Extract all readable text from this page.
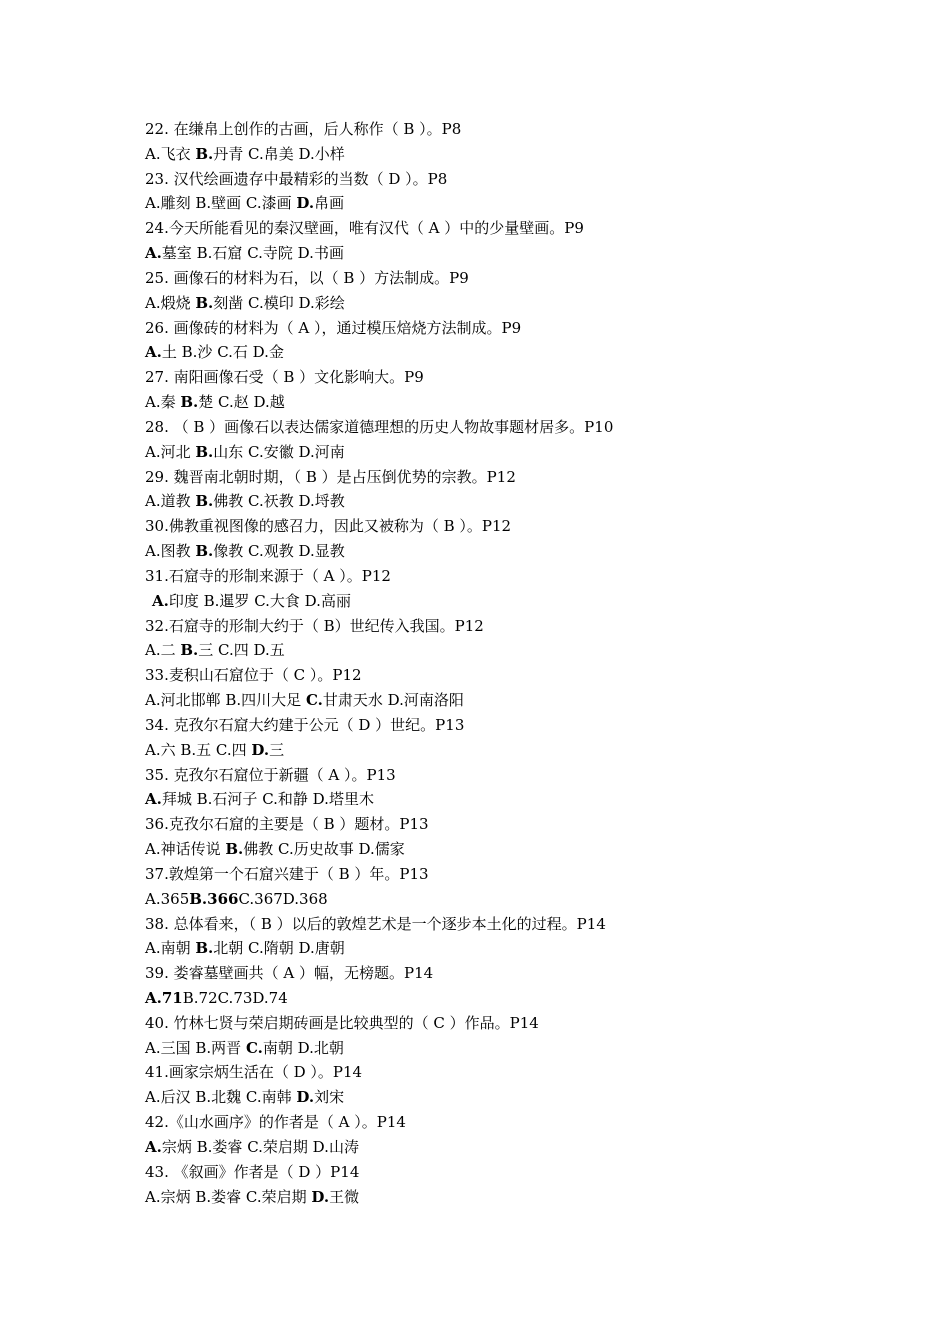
22. 在缣帛上创作的古画，后人称作（ B ）。P8
A.飞衣 B.丹青 C.帛美 D.小样
23. 汉代绘画遗存中最精彩的当数（ D ）。P8
A.雕刻 B.壁画 C.漆画 D.帛画
24.今天所能看见的秦汉壁画，唯有汉代（ A ）中的少量壁画。P9
A.墓室 B.石窟 C.寺院 D.书画
25. 画像石的材料为石，以（ B ）方法制成。P9
A.煅烧 B.刻凿 C.模印 D.彩绘
26. 画像砖的材料为（ A ），通过模压焙烧方法制成。P9
A.土 B.沙 C.石 D.金
27. 南阳画像石受（ B ）文化影响大。P9
A.秦 B.楚 C.赵 D.越
28. （ B ）画像石以表达儒家道德理想的历史人物故事题材居多。P10
A.河北 B.山东 C.安徽 D.河南
29. 魏晋南北朝时期，（ B ）是占压倒优势的宗教。P12
A.道教 B.佛教 C.祆教 D.埒教
30.佛教重视图像的感召力，因此又被称为（ B ）。P12
A.图教 B.像教 C.观教 D.显教
31.石窟寺的形制来源于（ A ）。P12
A.印度 B.暹罗 C.大食 D.高丽
32.石窟寺的形制大约于（ B）世纪传入我国。P12
A.二 B.三 C.四 D.五
33.麦积山石窟位于（ C ）。P12
A.河北邯郸 B.四川大足 C.甘肃天水 D.河南洛阳
34. 克孜尔石窟大约建于公元（ D ）世纪。P13
A.六 B.五 C.四 D.三
35. 克孜尔石窟位于新疆（ A ）。P13
A.拜城 B.石河子 C.和静 D.塔里木
36.克孜尔石窟的主要是（ B ）题材。P13
A.神话传说 B.佛教 C.历史故事 D.儒家
37.敦煌第一个石窟兴建于（ B ）年。P13
A.365B.366C.367D.368
38. 总体看来，（ B ）以后的敦煌艺术是一个逐步本土化的过程。P14
A.南朝 B.北朝 C.隋朝 D.唐朝
39. 娄睿墓壁画共（ A ）幅，无榜题。P14
A.71B.72C.73D.74
40. 竹林七贤与荣启期砖画是比较典型的（ C ）作品。P14
A.三国 B.两晋 C.南朝 D.北朝
41.画家宗炳生活在（ D ）。P14
A.后汉 B.北魏 C.南韩 D.刘宋
42.《山水画序》的作者是（ A ）。P14
A.宗炳 B.娄睿 C.荣启期 D.山涛
43. 《叙画》作者是（ D ）P14
A.宗炳 B.娄睿 C.荣启期 D.王微
